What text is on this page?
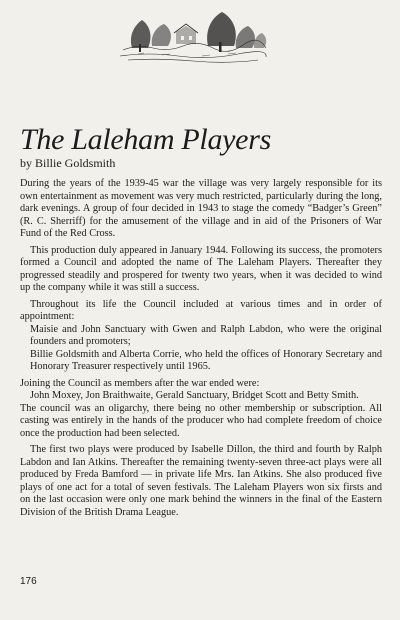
The Laleham Players
by Billie Goldsmith

During the years of the 1939-45 war the village was very largely responsible for its own entertainment as movement was very much restricted, particularly during the long, dark evenings. A group of four decided in 1943 to stage the comedy “Badger’s Green” (R. C. Sherriff) for the amusement of the village and in aid of the Prisoners of War Fund of the Red Cross.

This production duly appeared in January 1944. Following its success, the promoters formed a Council and adopted the name of The Laleham Players. Thereafter they progressed steadily and prospered for twenty two years, when it was decided to wind up the company while it was still a success.

Throughout its life the Council included at various times and in order of appointment:

Maisie and John Sanctuary with Gwen and Ralph Labdon, who were the original founders and promoters;

Billie Goldsmith and Alberta Corrie, who held the offices of Honorary Secretary and Honorary Treasurer respectively until 1965.

Joining the Council as members after the war ended were:

John Moxey, Jon Braithwaite, Gerald Sanctuary, Bridget Scott and Betty Smith.

The council was an oligarchy, there being no other membership or subscription. All casting was entirely in the hands of the producer who had complete freedom of choice once the production had been selected.

The first two plays were produced by Isabelle Dillon, the third and fourth by Ralph Labdon and Ian Atkins. Thereafter the remaining twenty-seven three-act plays were all produced by Freda Bamford — in private life Mrs. Ian Atkins. She also produced five plays of one act for a total of seven festivals. The Laleham Players won six firsts and on the last occasion were only one mark behind the winners in the final of the Eastern Division of the British Drama League.

176
